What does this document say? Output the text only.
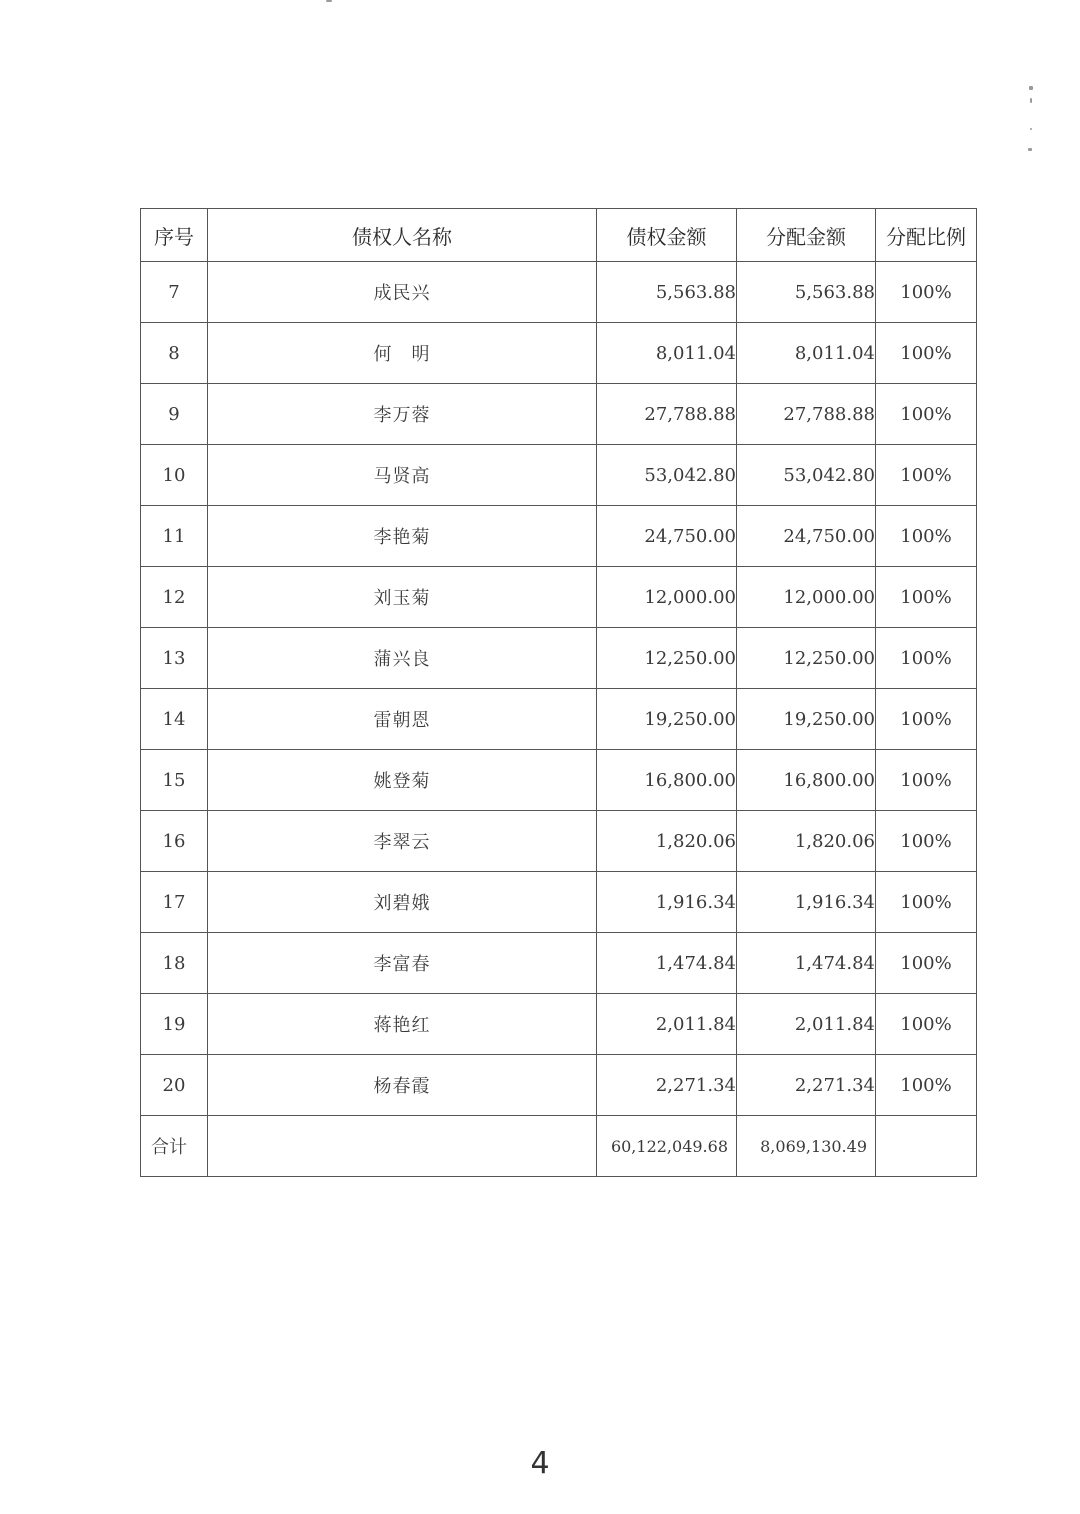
序号	债权人名称	债权金额	分配金额	分配比例
7	成民兴	5,563.88	5,563.88	100%
8	何　明	8,011.04	8,011.04	100%
9	李万蓉	27,788.88	27,788.88	100%
10	马贤高	53,042.80	53,042.80	100%
11	李艳菊	24,750.00	24,750.00	100%
12	刘玉菊	12,000.00	12,000.00	100%
13	蒲兴良	12,250.00	12,250.00	100%
14	雷朝恩	19,250.00	19,250.00	100%
15	姚登菊	16,800.00	16,800.00	100%
16	李翠云	1,820.06	1,820.06	100%
17	刘碧娥	1,916.34	1,916.34	100%
18	李富春	1,474.84	1,474.84	100%
19	蒋艳红	2,011.84	2,011.84	100%
20	杨春霞	2,271.34	2,271.34	100%
合计		60,122,049.68	8,069,130.49	
4
